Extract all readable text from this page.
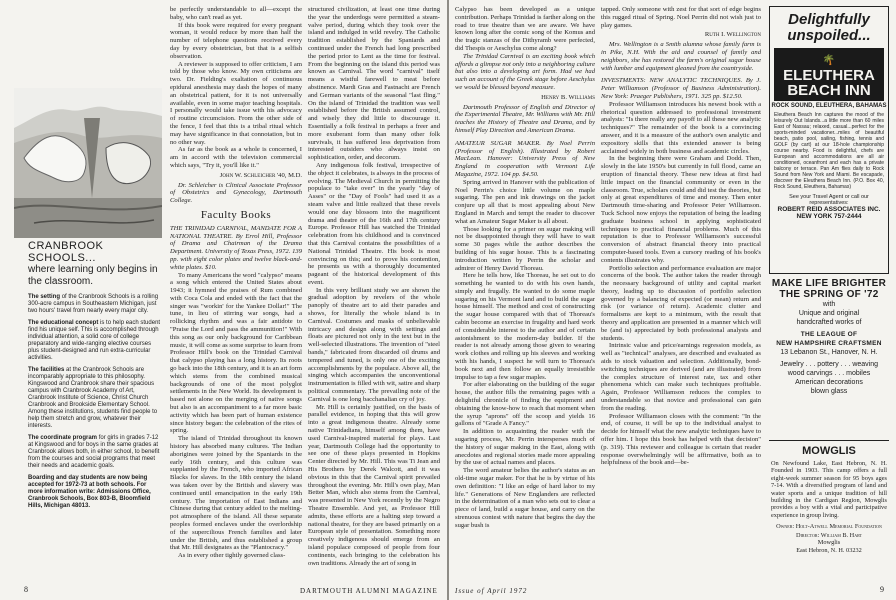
CRANBROOK SCHOOLS...
where learning only begins in the classroom.
The setting of the Cranbrook Schools is a rolling 300-acre campus in Southeastern Michigan, just two hours' travel from nearly every major city.
The educational concept is to help each student find his unique self. This is accomplished through individual attention, a solid core of college preparatory and wide-ranging elective courses plus student-designed and run extra-curricular activities.
The facilities at the Cranbrook Schools are incomparably appropriate to this philosophy. Kingswood and Cranbrook share their spacious campus with Cranbrook Academy of Art, Cranbrook Institute of Science, Christ Church Cranbrook and Brookside Elementary School. Among these institutions, students find people to help them stretch and grow, whatever their interests.
The coordinate program for girls in grades 7-12 at Kingswood and for boys in the same grades at Cranbrook allows both, in either school, to benefit from the courses and social programs that meet their needs and academic goals.
Boarding and day students are now being accepted for 1972-73 at both schools. For more information write: Admissions Office, Cranbrook Schools, Box 803-B, Bloomfield Hills, Michigan 48013.

be perfectly understandable to all—except the baby, who can't read as yet.

If this book were required for every pregnant woman, it would reduce by more than half the number of telephone questions received every day by every obstetrician, but that is a selfish observation.

A reviewer is supposed to offer criticism, I am told by those who know. My own criticisms are two. Dr. Fielding's exaltation of continuous epidural anesthesia may dash the hopes of many an obstetrical patient, for it is not universally available, even in some major teaching hospitals. I personally would take issue with his advocacy of routine circumcision. From the other side of the fence, I feel that this is a tribal ritual which may have significance in that connotation, but in no other way.

As far as the book as a whole is concerned, I am in accord with the television commercial which says, "Try it, you'll like it."

John W. Schleicher '40, M.D.

Dr. Schleicher is Clinical Associate Professor of Obstetrics and Gynecology, Dartmouth College.

Faculty Books

THE TRINIDAD CARNIVAL, MANDATE FOR A NATIONAL THEATRE. By Errol Hill, Professor of Drama and Chairman of the Drama Department. University of Texas Press, 1972. 139 pp. with eight color plates and twelve black-and-white plates. $10.

To many Americans the word "calypso" means a song which entered the United States about 1943; it hymned the praises of Rum combined with Coca Cola and ended with the fact that the singer was "workin' for the Yankee Dollar!" The tune, in lieu of stirring war songs, had a rollicking rhythm and was a fair antidote to "Praise the Lord and pass the ammunition!" With this song as our only background for Caribbean music, it will come as some surprise to learn from Professor Hill's book on the Trinidad Carnival that calypso playing has a long history. Its roots go back into the 18th century, and it is an art form which stems from the combined musical backgrounds of one of the most polyglot settlements in the New World. Its development is based not alone on the merging of native songs but also is an accompaniment to a far more basic activity which has been part of human existence since history began: the celebration of the rites of spring.

The island of Trinidad throughout its known history has absorbed many cultures. The Indian aborigines were joined by the Spaniards in the early 16th century, and this culture was supplanted by the French, who imported African Blacks for slaves. In the 18th century the island was taken over by the British and slavery was continued until emancipation in the early 19th century. The importation of East Indians and Chinese during that century added to the melting-pot atmosphere of the island. All these separate peoples formed enclaves under the overlordship of the supercilious French families and later under the British, and thus established a group that Mr. Hill designates as the "Plantocracy."

As in every other tightly governed class-

structured civilization, at least one time during the year the underdogs were permitted a steam-valve period, during which they took over the island and indulged in wild revelry. The Catholic tradition established by the Spaniards and continued under the French had long prescribed the period prior to Lent as the time for festival. From the beginning on the island this period was known as Carnival. The word "carnival" itself means a wistful farewell to meat before abstinence. Mardi Gras and Fastnacht are French and German variants of the seasonal "last fling." On the island of Trinidad the tradition was well established before the British assumed control, and wisely they did little to discourage it. Essentially a folk festival in perhaps a freer and more exuberant form than many other folk survivals, it has suffered less deprivation from interested outsiders who always insist on sophistication, order, and decorum.

Any indigenous folk festival, irrespective of the object it celebrates, is always in the process of evolving. The Medieval Church in permitting the populace to "take over" in the yearly "day of Asses" or the "Day of Fools" had used it as a steam valve and little realized that these revels would one day blossom into the magnificent drama and theatre of the 16th and 17th century Europe. Professor Hill has watched the Trinidad celebration from his childhood and is convinced that this Carnival contains the possibilities of a National Trinidad Theatre. His book is most convincing on this; and to prove his contention, he presents us with a thoroughly documented pageant of the historical development of this event.

In this very brilliant study we are shown the gradual adoption by revelers of the whole panoply of theatre art to aid their parades and shows, for literally the whole island is in Carnival. Costumes and masks of unbelievable intricacy and design along with settings and floats are pictured not only in the text but in the well-selected illustrations. The invention of "steel bands," fabricated from discarded oil drums and tempered and tuned, is only one of the exciting accomplishments by the populace. Above all, the singing which accompanies the unconventional instrumentation is filled with wit, satire and sharp political commentary. The prevailing note of the Carnival is one long bacchanalian cry of joy.

Mr. Hill is certainly justified, on the basis of parallel evidence, in hoping that this will grow into a great indigenous theatre. Already some native Trinidadians, himself among them, have used Carnival-inspired material for plays. Last year, Dartmouth College had the opportunity to see one of these plays presented in Hopkins Center directed by Mr. Hill. This was Ti Jean and His Brothers by Derek Walcott, and it was obvious in this that the Carnival spirit prevailed throughout the evening. Mr. Hill's own play, Man Better Man, which also stems from the Carnival, was presented in New York recently by the Negro Theatre Ensemble. And yet, as Professor Hill admits, these efforts are a halting step toward a national theatre, for they are based primarily on a European style of presentation. Something more creatively indigenous should emerge from an island populace composed of people from four continents, each bringing to the celebration his own traditions. Already the art of song in

8	DARTMOUTH ALUMNI MAGAZINE

Calypso has been developed as a unique contribution. Perhaps Trinidad is farther along on the road to true theatre than we are aware. We have known long after the comic song of the Komus and the tragic stanzas of the Dithyramb were perfected, did Thespis or Aeschylus come along?

The Trinidad Carnival is an exciting book which affords a glimpse not only into a neighboring culture but also into a developing art form. Had we had such an account of the Greek stage before Aeschylus we would be blessed beyond measure.

Henry B. Williams

Dartmouth Professor of English and Director of the Experimental Theatre, Mr. Williams with Mr. Hill teaches the History of Theatre and Drama, and by himself Play Direction and American Drama.

AMATEUR SUGAR MAKER. By Noel Perrin (Professor of English). Illustrated by Robert MacLean. Hanover: University Press of New England in cooperation with Vermont Life Magazine, 1972. 104 pp. $4.50.

Spring arrived in Hanover with the publication of Noel Perrin's choice little volume on maple sugaring. The pen and ink drawings on the jacket conjure up all that is most appealing about New England in March and tempt the reader to discover what an Amateur Sugar Maker is all about.

Those looking for a primer on sugar making will not be disappointed though they will have to wait some 30 pages while the author describes the building of his sugar house. This is a fascinating introduction written by Perrin the scholar and admirer of Henry David Thoreau.

Here he tells how, like Thoreau, he set out to do something he wanted to do with his own hands, simply and frugally. He wanted to do some maple sugaring on his Vermont land and to build the sugar house himself. The method and cost of constructing the sugar house compared with that of Thoreau's cabin become an exercise in frugality and hard work of considerable interest to the author and of certain astonishment to the modern-day builder. If the reader is not already among those given to wearing work clothes and rolling up his sleeves and working with his hands, I suspect he will turn to Thoreau's book next and then follow an equally irresistible impulse to tap a few sugar maples.

For after elaborating on the building of the sugar house, the author fills the remaining pages with a delightful chronicle of finding the equipment and obtaining the know-how to reach that moment when the syrup "aprons" off the scoop and yields 16 gallons of "Grade A Fancy."

In addition to acquainting the reader with the sugaring process, Mr. Perrin intersperses much of the history of sugar making in the East, along with anecdotes and regional stories made more appealing by the use of actual names and places.

The word amateur belies the author's status as an old-time sugar maker. For that he is by virtue of his own definition: "I like an edge of hard labor to my life." Generations of New Englanders are reflected in the determination of a man who sets out to clear a piece of land, build a sugar house, and carry on the strenuous contest with nature that begins the day the sugar bush is

tapped. Only someone with zest for that sort of edge begins this rugged ritual of Spring. Noel Perrin did not wish just to play games.

Ruth I. Wellington

Mrs. Wellington is a Smith alumna whose family farm is in Pike, N.H. With the aid and counsel of family and neighbors, she has restored the farm's original sugar house with lumber and equipment gleaned from the countryside.

INVESTMENTS: NEW ANALYTIC TECHNIQUES. By J. Peter Williamson (Professor of Business Administration). New York: Praeger Publishers, 1971. 325 pp. $12.50.

Professor Williamson introduces his newest book with a rhetorical question addressed to professional investment analysts: "Is there really any payoff to all these new analytic techniques?" The remainder of the book is a convincing answer, and it is a measure of the author's own analytic and expository skills that this extended answer is being acclaimed widely in both business and academic circles.

In the beginning there were Graham and Dodd. Then, slowly in the late 1950's but currently in full flood, came an eruption of financial theory. These new ideas at first had little impact on the financial community or even in the classroom. True, scholars could and did test the theories, but only at great expenditures of time and money. Then enter Dartmouth time-sharing and Professor Peter Williamson. Tuck School now enjoys the reputation of being the leading graduate business school in applying sophisticated techniques to practical financial problems. Much of this reputation is due to Professor Williamson's successful conversion of abstract financial theory into practical computer-based tools. Even a cursory reading of his book's contents illustrates why.

Portfolio selection and performance evaluation are major concerns of the book. The author takes the reader through the necessary background of utility and capital market theory, leading up to discussion of portfolio selection governed by a balancing of expected (or mean) return and risk (or variance of return). Academic clutter and formalisms are kept to a minimum, with the result that theory and application are presented in a manner which will be (and is) appreciated by both professional analysts and students.

Intrinsic value and price/earnings regression models, as well as "technical" analyses, are described and evaluated as aids to stock valuation and selection. Additionally, bond-switching techniques are derived (and are illustrated) from the complex structure of interest rate, tax and other phenomena which can make such techniques profitable. Again, Professor Williamson reduces the complex to understandable so that novice and professional can gain from the reading.

Professor Williamson closes with the comment: "In the end, of course, it will be up to the individual analyst to decide for himself what the new analytic techniques have to offer him. I hope this book has helped with that decision" (p. 319). This reviewer and colleague is certain that reader response overwhelmingly will be affirmative, both as to helpfulness of the book and—be-

Delightfully unspoiled...
🌴 ELEUTHERA BEACH INN
ROCK SOUND, ELEUTHERA, BAHAMAS
Eleuthera Beach Inn captures the mood of the leisurely Out Islands...a little more than 60 miles East of Nassau; relaxed, casual...perfect for the sports-minded vacationer...miles of beautiful beach, patio pool, sailing, fishing, tennis and GOLF (by cart) at our 18-hole championship course nearby. Food is delightful, chefs are European and accommodations are all air conditioned, oceanfront and each has a private balcony or terrace. Pan Am flies daily to Rock Sound from New York and Miami. Be escapade, discover the Eleuthera Beach Inn. (P.O. Box 40, Rock Sound, Eleuthera, Bahamas)
See your Travel Agent or call our representatives:
ROBERT REID ASSOCIATES INC.
NEW YORK 757-2444
MAKE LIFE BRIGHTER
THE SPRING OF '72
with
Unique and original
handcrafted works of
THE LEAGUE OF
NEW HAMPSHIRE CRAFTSMEN
13 Lebanon St., Hanover, N. H.
Jewelry . . . pottery . . . weaving
wood carvings . . . mobiles
American decorations
blown glass
MOWGLIS
On Newfound Lake, East Hebron, N. H. Founded in 1903. This camp offers a full eight-week summer season for 95 boys ages 7-14. With a diversified program of land and water sports and a unique tradition of hill building in the Cardigan Region, Mowglis provides a boy with a vital and participative experience in group living.
Owner: Holt-Atwell Memorial Foundation
Director: William B. Hart
Mowglis
East Hebron, N. H. 03232
Issue of April 1972	9
